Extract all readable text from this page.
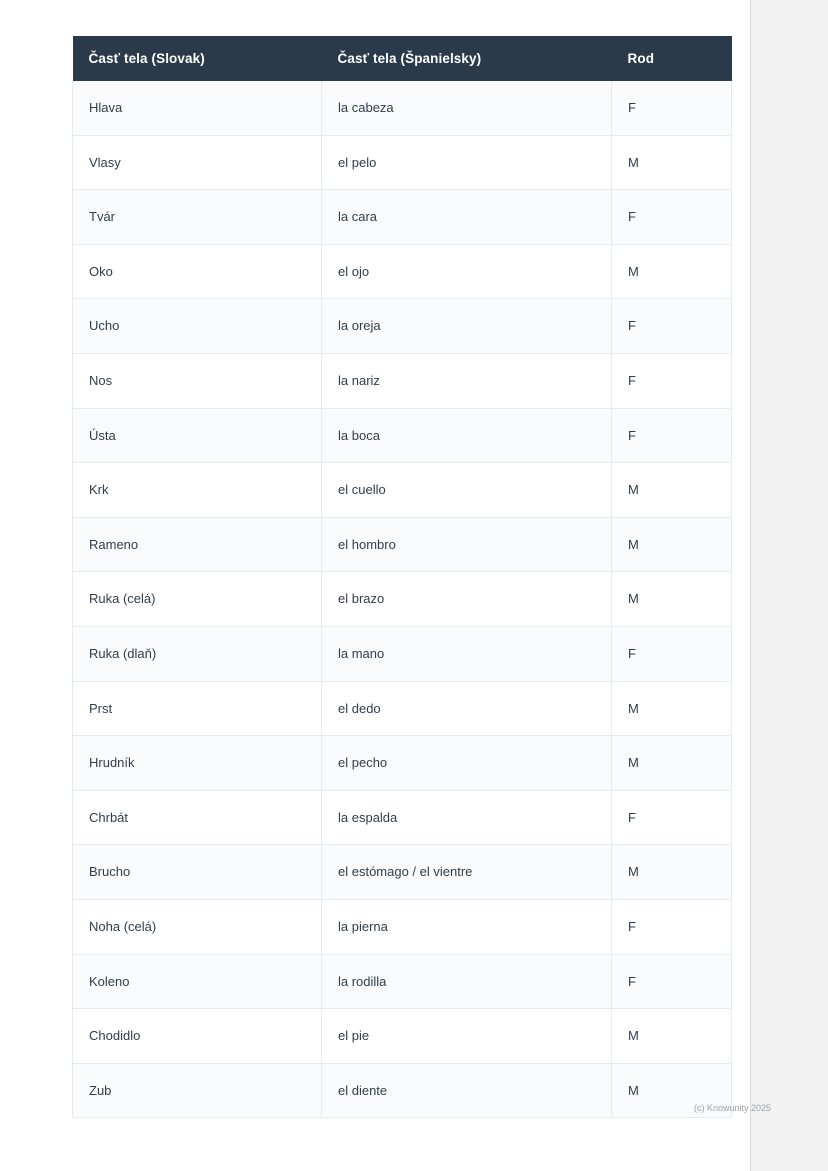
Časť tela (Slovak)	Časť tela (Španielsky)	Rod
Hlava	la cabeza	F
Vlasy	el pelo	M
Tvár	la cara	F
Oko	el ojo	M
Ucho	la oreja	F
Nos	la nariz	F
Ústa	la boca	F
Krk	el cuello	M
Rameno	el hombro	M
Ruka (celá)	el brazo	M
Ruka (dlaň)	la mano	F
Prst	el dedo	M
Hrudník	el pecho	M
Chrbát	la espalda	F
Brucho	el estómago / el vientre	M
Noha (celá)	la pierna	F
Koleno	la rodilla	F
Chodidlo	el pie	M
Zub	el diente	M
(c) Knowunity 2025
